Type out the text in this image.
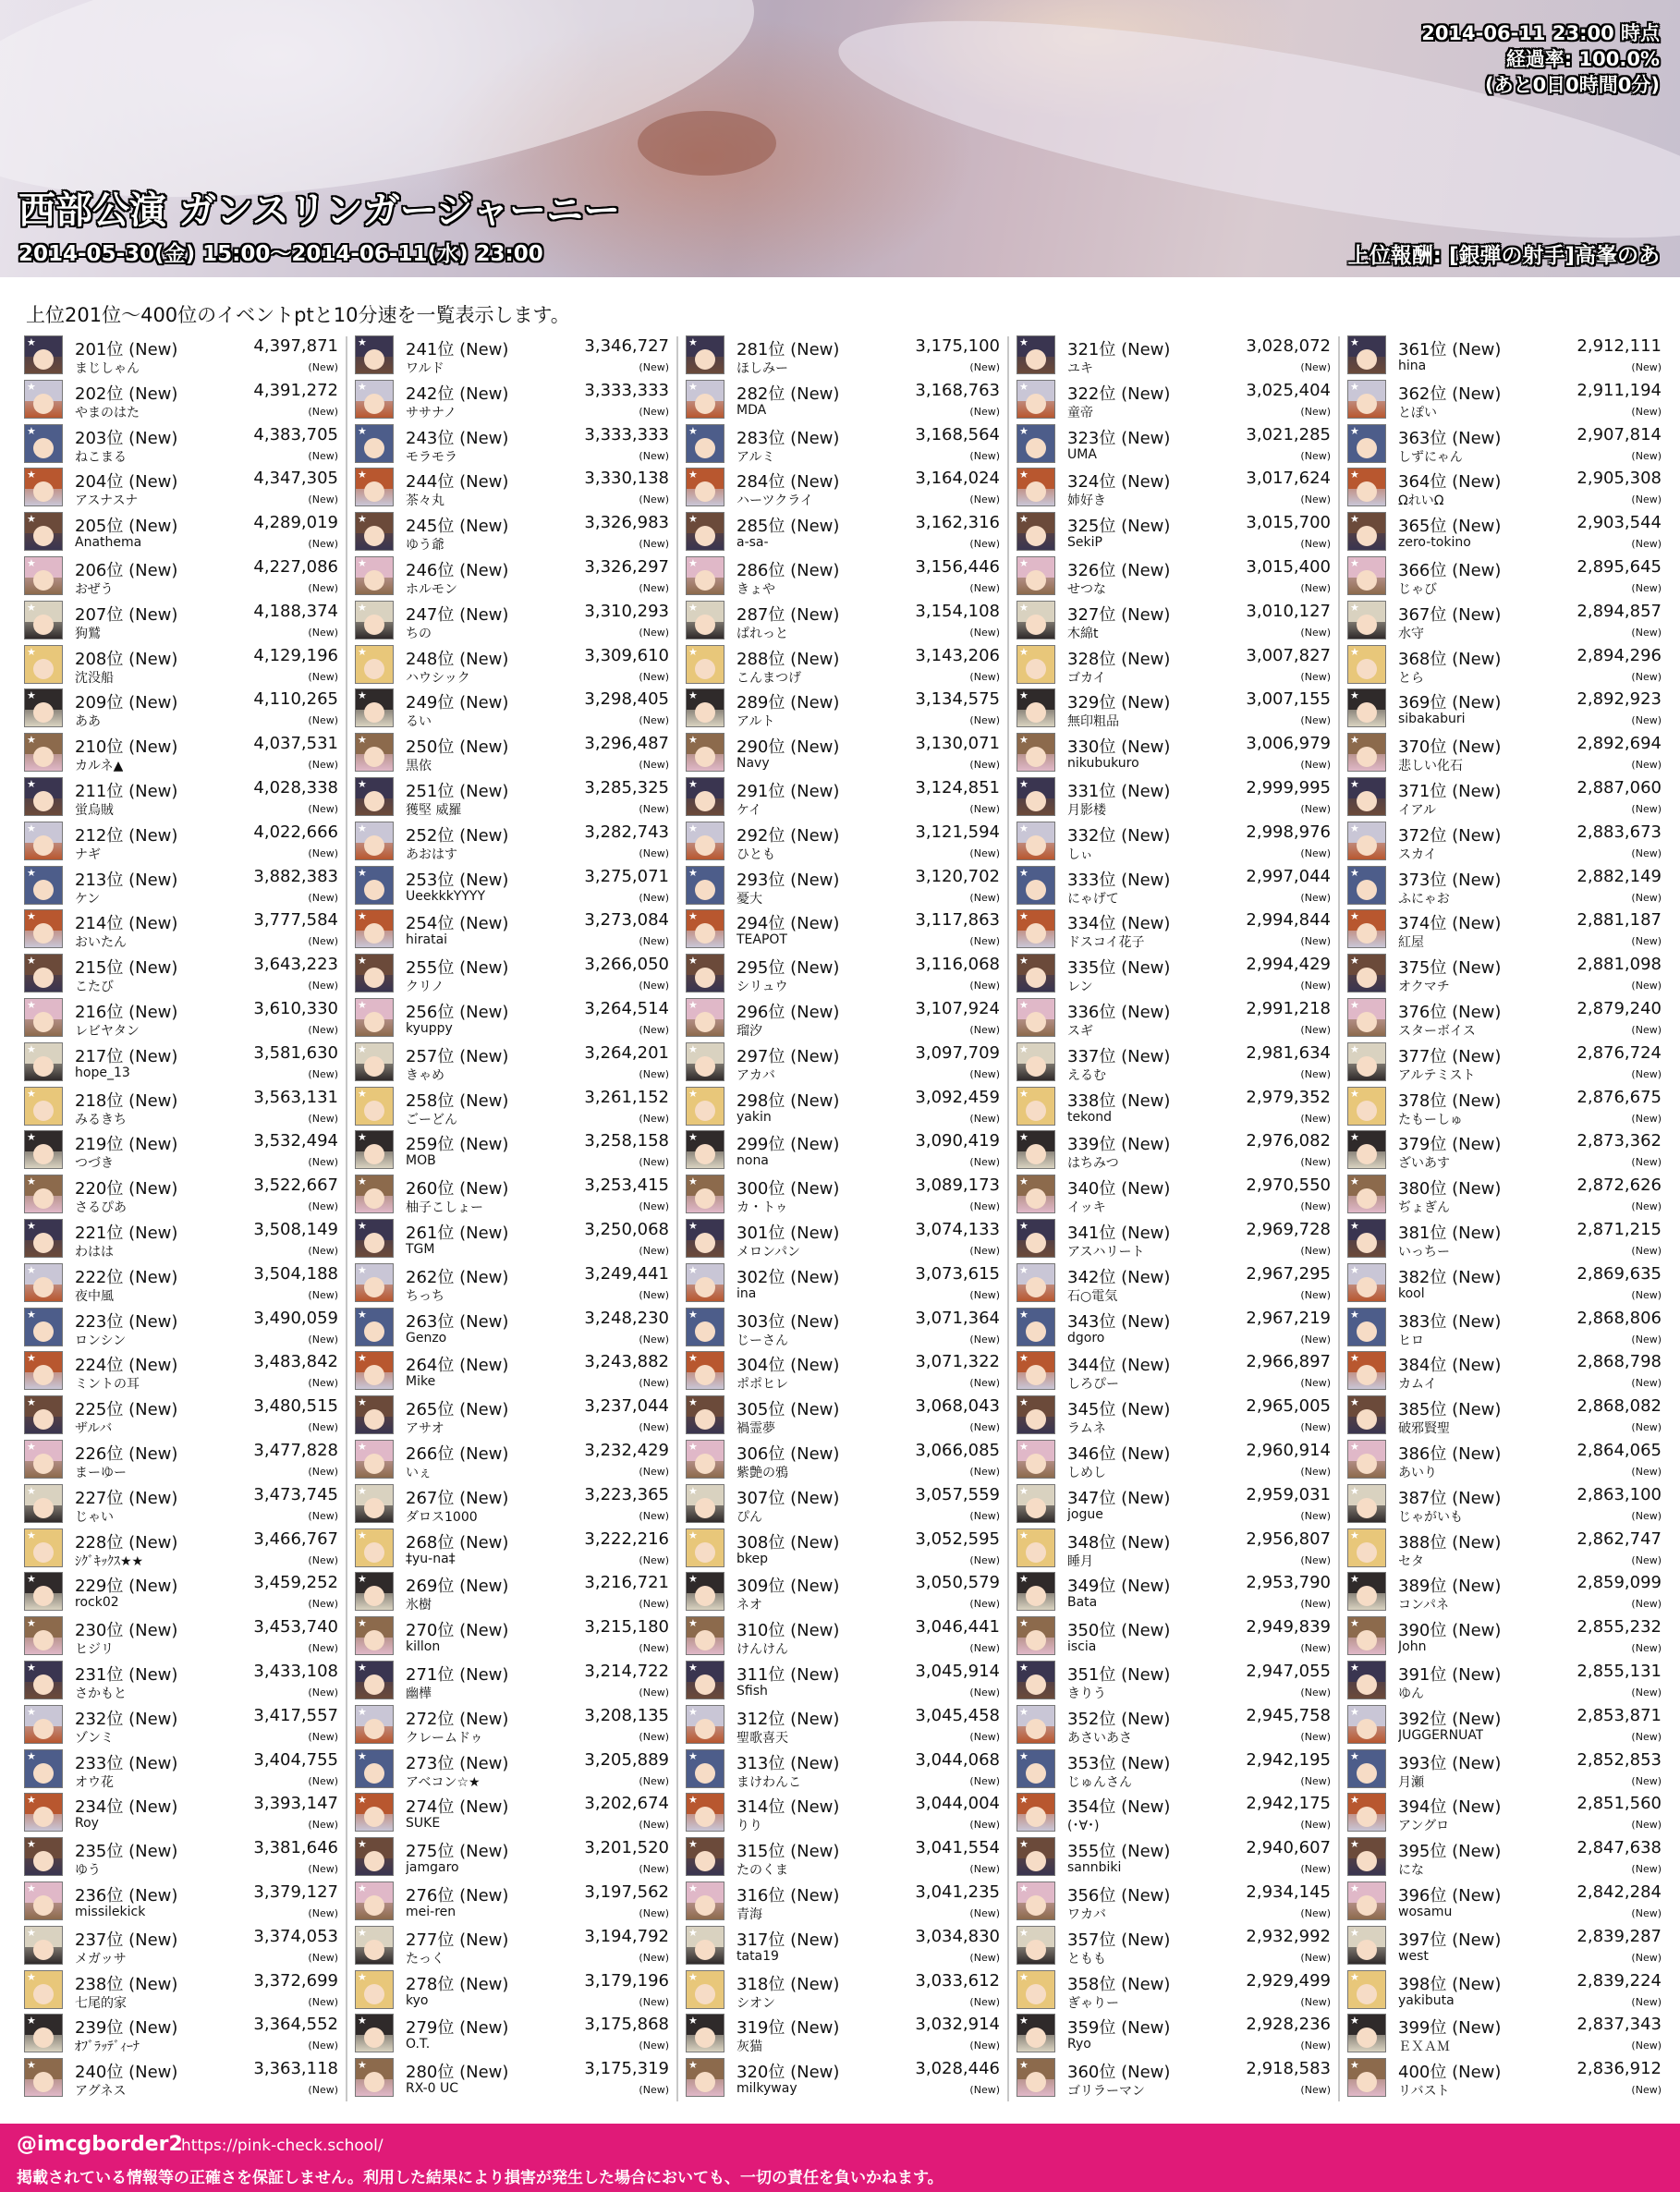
2014-06-11 23:00 時点
経過率: 100.0%
(あと0日0時間0分)
西部公演 ガンスリンガージャーニー
2014-05-30(金) 15:00～2014-06-11(水) 23:00	上位報酬: [銀弾の射手]高峯のあ
上位201位～400位のイベントptと10分速を一覧表示します。
★ 201位 (New)	4,397,871
まじしゃん	(New)
★ 202位 (New)	4,391,272
やまのはた	(New)
★ 203位 (New)	4,383,705
ねこまる	(New)
★ 204位 (New)	4,347,305
アスナスナ	(New)
★ 205位 (New)	4,289,019
Anathema	(New)
★ 206位 (New)	4,227,086
おぜう	(New)
★ 207位 (New)	4,188,374
狗鷲	(New)
★ 208位 (New)	4,129,196
沈没船	(New)
★ 209位 (New)	4,110,265
ああ	(New)
★ 210位 (New)	4,037,531
カルネ▲	(New)
★ 211位 (New)	4,028,338
蛍烏賊	(New)
★ 212位 (New)	4,022,666
ナギ	(New)
★ 213位 (New)	3,882,383
ケン	(New)
★ 214位 (New)	3,777,584
おいたん	(New)
★ 215位 (New)	3,643,223
こたび	(New)
★ 216位 (New)	3,610,330
レビヤタン	(New)
★ 217位 (New)	3,581,630
hope_13	(New)
★ 218位 (New)	3,563,131
みるきち	(New)
★ 219位 (New)	3,532,494
つづき	(New)
★ 220位 (New)	3,522,667
さるぴあ	(New)
★ 221位 (New)	3,508,149
わはは	(New)
★ 222位 (New)	3,504,188
夜中風	(New)
★ 223位 (New)	3,490,059
ロンシン	(New)
★ 224位 (New)	3,483,842
ミントの耳	(New)
★ 225位 (New)	3,480,515
ザルバ	(New)
★ 226位 (New)	3,477,828
まーゆー	(New)
★ 227位 (New)	3,473,745
じゃい	(New)
★ 228位 (New)	3,466,767
ｼｸﾞｷｯｸｽ★★	(New)
★ 229位 (New)	3,459,252
rock02	(New)
★ 230位 (New)	3,453,740
ヒジリ	(New)
★ 231位 (New)	3,433,108
さかもと	(New)
★ 232位 (New)	3,417,557
ゾンミ	(New)
★ 233位 (New)	3,404,755
オウ花	(New)
★ 234位 (New)	3,393,147
Roy	(New)
★ 235位 (New)	3,381,646
ゆう	(New)
★ 236位 (New)	3,379,127
missilekick	(New)
★ 237位 (New)	3,374,053
メガッサ	(New)
★ 238位 (New)	3,372,699
七尾的家	(New)
★ 239位 (New)	3,364,552
ｵﾌﾞﾗｯﾃﾞｨｰﾅ	(New)
★ 240位 (New)	3,363,118
アグネス	(New)
★ 241位 (New)	3,346,727
ワルド	(New)
★ 242位 (New)	3,333,333
ササナノ	(New)
★ 243位 (New)	3,333,333
モラモラ	(New)
★ 244位 (New)	3,330,138
茶々丸	(New)
★ 245位 (New)	3,326,983
ゆう爺	(New)
★ 246位 (New)	3,326,297
ホルモン	(New)
★ 247位 (New)	3,310,293
ちの	(New)
★ 248位 (New)	3,309,610
ハウシック	(New)
★ 249位 (New)	3,298,405
るい	(New)
★ 250位 (New)	3,296,487
黒依	(New)
★ 251位 (New)	3,285,325
獲堅 威羅	(New)
★ 252位 (New)	3,282,743
あおはす	(New)
★ 253位 (New)	3,275,071
UeekkkYYYY	(New)
★ 254位 (New)	3,273,084
hiratai	(New)
★ 255位 (New)	3,266,050
クリノ	(New)
★ 256位 (New)	3,264,514
kyuppy	(New)
★ 257位 (New)	3,264,201
きゃめ	(New)
★ 258位 (New)	3,261,152
ごーどん	(New)
★ 259位 (New)	3,258,158
MOB	(New)
★ 260位 (New)	3,253,415
柚子こしょー	(New)
★ 261位 (New)	3,250,068
TGM	(New)
★ 262位 (New)	3,249,441
ちっち	(New)
★ 263位 (New)	3,248,230
Genzo	(New)
★ 264位 (New)	3,243,882
Mike	(New)
★ 265位 (New)	3,237,044
アサオ	(New)
★ 266位 (New)	3,232,429
いぇ	(New)
★ 267位 (New)	3,223,365
ダロス1000	(New)
★ 268位 (New)	3,222,216
‡yu-na‡	(New)
★ 269位 (New)	3,216,721
氷樹	(New)
★ 270位 (New)	3,215,180
killon	(New)
★ 271位 (New)	3,214,722
幽樺	(New)
★ 272位 (New)	3,208,135
クレームドゥ	(New)
★ 273位 (New)	3,205,889
アベコン☆★	(New)
★ 274位 (New)	3,202,674
SUKE	(New)
★ 275位 (New)	3,201,520
jamgaro	(New)
★ 276位 (New)	3,197,562
mei-ren	(New)
★ 277位 (New)	3,194,792
たっく	(New)
★ 278位 (New)	3,179,196
kyo	(New)
★ 279位 (New)	3,175,868
O.T.	(New)
★ 280位 (New)	3,175,319
RX-0 UC	(New)
★ 281位 (New)	3,175,100
ほしみー	(New)
★ 282位 (New)	3,168,763
MDA	(New)
★ 283位 (New)	3,168,564
アルミ	(New)
★ 284位 (New)	3,164,024
ハーツクライ	(New)
★ 285位 (New)	3,162,316
a-sa-	(New)
★ 286位 (New)	3,156,446
きょや	(New)
★ 287位 (New)	3,154,108
ぱれっと	(New)
★ 288位 (New)	3,143,206
こんまつげ	(New)
★ 289位 (New)	3,134,575
アルト	(New)
★ 290位 (New)	3,130,071
Navy	(New)
★ 291位 (New)	3,124,851
ケイ	(New)
★ 292位 (New)	3,121,594
ひとも	(New)
★ 293位 (New)	3,120,702
憂大	(New)
★ 294位 (New)	3,117,863
TEAPOT	(New)
★ 295位 (New)	3,116,068
シリュウ	(New)
★ 296位 (New)	3,107,924
瑠汐	(New)
★ 297位 (New)	3,097,709
アカバ	(New)
★ 298位 (New)	3,092,459
yakin	(New)
★ 299位 (New)	3,090,419
nona	(New)
★ 300位 (New)	3,089,173
カ・トゥ	(New)
★ 301位 (New)	3,074,133
メロンパン	(New)
★ 302位 (New)	3,073,615
ina	(New)
★ 303位 (New)	3,071,364
じーさん	(New)
★ 304位 (New)	3,071,322
ポポヒレ	(New)
★ 305位 (New)	3,068,043
禍霊夢	(New)
★ 306位 (New)	3,066,085
紫艶の鴉	(New)
★ 307位 (New)	3,057,559
ぴん	(New)
★ 308位 (New)	3,052,595
bkep	(New)
★ 309位 (New)	3,050,579
ネオ	(New)
★ 310位 (New)	3,046,441
けんけん	(New)
★ 311位 (New)	3,045,914
Sfish	(New)
★ 312位 (New)	3,045,458
聖歌喜天	(New)
★ 313位 (New)	3,044,068
まけわんこ	(New)
★ 314位 (New)	3,044,004
りり	(New)
★ 315位 (New)	3,041,554
たのくま	(New)
★ 316位 (New)	3,041,235
青海	(New)
★ 317位 (New)	3,034,830
tata19	(New)
★ 318位 (New)	3,033,612
シオン	(New)
★ 319位 (New)	3,032,914
灰猫	(New)
★ 320位 (New)	3,028,446
milkyway	(New)
★ 321位 (New)	3,028,072
ユキ	(New)
★ 322位 (New)	3,025,404
童帝	(New)
★ 323位 (New)	3,021,285
UMA	(New)
★ 324位 (New)	3,017,624
姉好き	(New)
★ 325位 (New)	3,015,700
SekiP	(New)
★ 326位 (New)	3,015,400
せつな	(New)
★ 327位 (New)	3,010,127
木綿t	(New)
★ 328位 (New)	3,007,827
ゴカイ	(New)
★ 329位 (New)	3,007,155
無印粗品	(New)
★ 330位 (New)	3,006,979
nikubukuro	(New)
★ 331位 (New)	2,999,995
月影楼	(New)
★ 332位 (New)	2,998,976
しぃ	(New)
★ 333位 (New)	2,997,044
にゃげて	(New)
★ 334位 (New)	2,994,844
ドスコイ花子	(New)
★ 335位 (New)	2,994,429
レン	(New)
★ 336位 (New)	2,991,218
スギ	(New)
★ 337位 (New)	2,981,634
えるむ	(New)
★ 338位 (New)	2,979,352
tekond	(New)
★ 339位 (New)	2,976,082
はちみつ	(New)
★ 340位 (New)	2,970,550
イッキ	(New)
★ 341位 (New)	2,969,728
アスハリート	(New)
★ 342位 (New)	2,967,295
石○電気	(New)
★ 343位 (New)	2,967,219
dgoro	(New)
★ 344位 (New)	2,966,897
しろぴー	(New)
★ 345位 (New)	2,965,005
ラムネ	(New)
★ 346位 (New)	2,960,914
しめし	(New)
★ 347位 (New)	2,959,031
jogue	(New)
★ 348位 (New)	2,956,807
睡月	(New)
★ 349位 (New)	2,953,790
Bata	(New)
★ 350位 (New)	2,949,839
iscia	(New)
★ 351位 (New)	2,947,055
きりう	(New)
★ 352位 (New)	2,945,758
あさいあさ	(New)
★ 353位 (New)	2,942,195
じゅんさん	(New)
★ 354位 (New)	2,942,175
(･∀･)	(New)
★ 355位 (New)	2,940,607
sannbiki	(New)
★ 356位 (New)	2,934,145
ワカバ	(New)
★ 357位 (New)	2,932,992
ともも	(New)
★ 358位 (New)	2,929,499
ぎゃりー	(New)
★ 359位 (New)	2,928,236
Ryo	(New)
★ 360位 (New)	2,918,583
ゴリラーマン	(New)
★ 361位 (New)	2,912,111
hina	(New)
★ 362位 (New)	2,911,194
とぽい	(New)
★ 363位 (New)	2,907,814
しずにゃん	(New)
★ 364位 (New)	2,905,308
ΩれいΩ	(New)
★ 365位 (New)	2,903,544
zero-tokino	(New)
★ 366位 (New)	2,895,645
じゃび	(New)
★ 367位 (New)	2,894,857
水守	(New)
★ 368位 (New)	2,894,296
とら	(New)
★ 369位 (New)	2,892,923
sibakaburi	(New)
★ 370位 (New)	2,892,694
悲しい化石	(New)
★ 371位 (New)	2,887,060
イアル	(New)
★ 372位 (New)	2,883,673
スカイ	(New)
★ 373位 (New)	2,882,149
ふにゃお	(New)
★ 374位 (New)	2,881,187
紅屋	(New)
★ 375位 (New)	2,881,098
オクマチ	(New)
★ 376位 (New)	2,879,240
スターボイス	(New)
★ 377位 (New)	2,876,724
アルテミスト	(New)
★ 378位 (New)	2,876,675
たもーしゅ	(New)
★ 379位 (New)	2,873,362
ざいあす	(New)
★ 380位 (New)	2,872,626
ぢょぎん	(New)
★ 381位 (New)	2,871,215
いっちー	(New)
★ 382位 (New)	2,869,635
kool	(New)
★ 383位 (New)	2,868,806
ヒロ	(New)
★ 384位 (New)	2,868,798
カムイ	(New)
★ 385位 (New)	2,868,082
破邪賢聖	(New)
★ 386位 (New)	2,864,065
あいり	(New)
★ 387位 (New)	2,863,100
じゃがいも	(New)
★ 388位 (New)	2,862,747
セタ	(New)
★ 389位 (New)	2,859,099
コンパネ	(New)
★ 390位 (New)	2,855,232
John	(New)
★ 391位 (New)	2,855,131
ゆん	(New)
★ 392位 (New)	2,853,871
JUGGERNUAT	(New)
★ 393位 (New)	2,852,853
月瀬	(New)
★ 394位 (New)	2,851,560
アングロ	(New)
★ 395位 (New)	2,847,638
にな	(New)
★ 396位 (New)	2,842,284
wosamu	(New)
★ 397位 (New)	2,839,287
west	(New)
★ 398位 (New)	2,839,224
yakibuta	(New)
★ 399位 (New)	2,837,343
ＥＸＡＭ	(New)
★ 400位 (New)	2,836,912
リバスト	(New)
@imcgborder2
https://pink-check.school/
掲載されている情報等の正確さを保証しません。利用した結果により損害が発生した場合においても、一切の責任を負いかねます。
